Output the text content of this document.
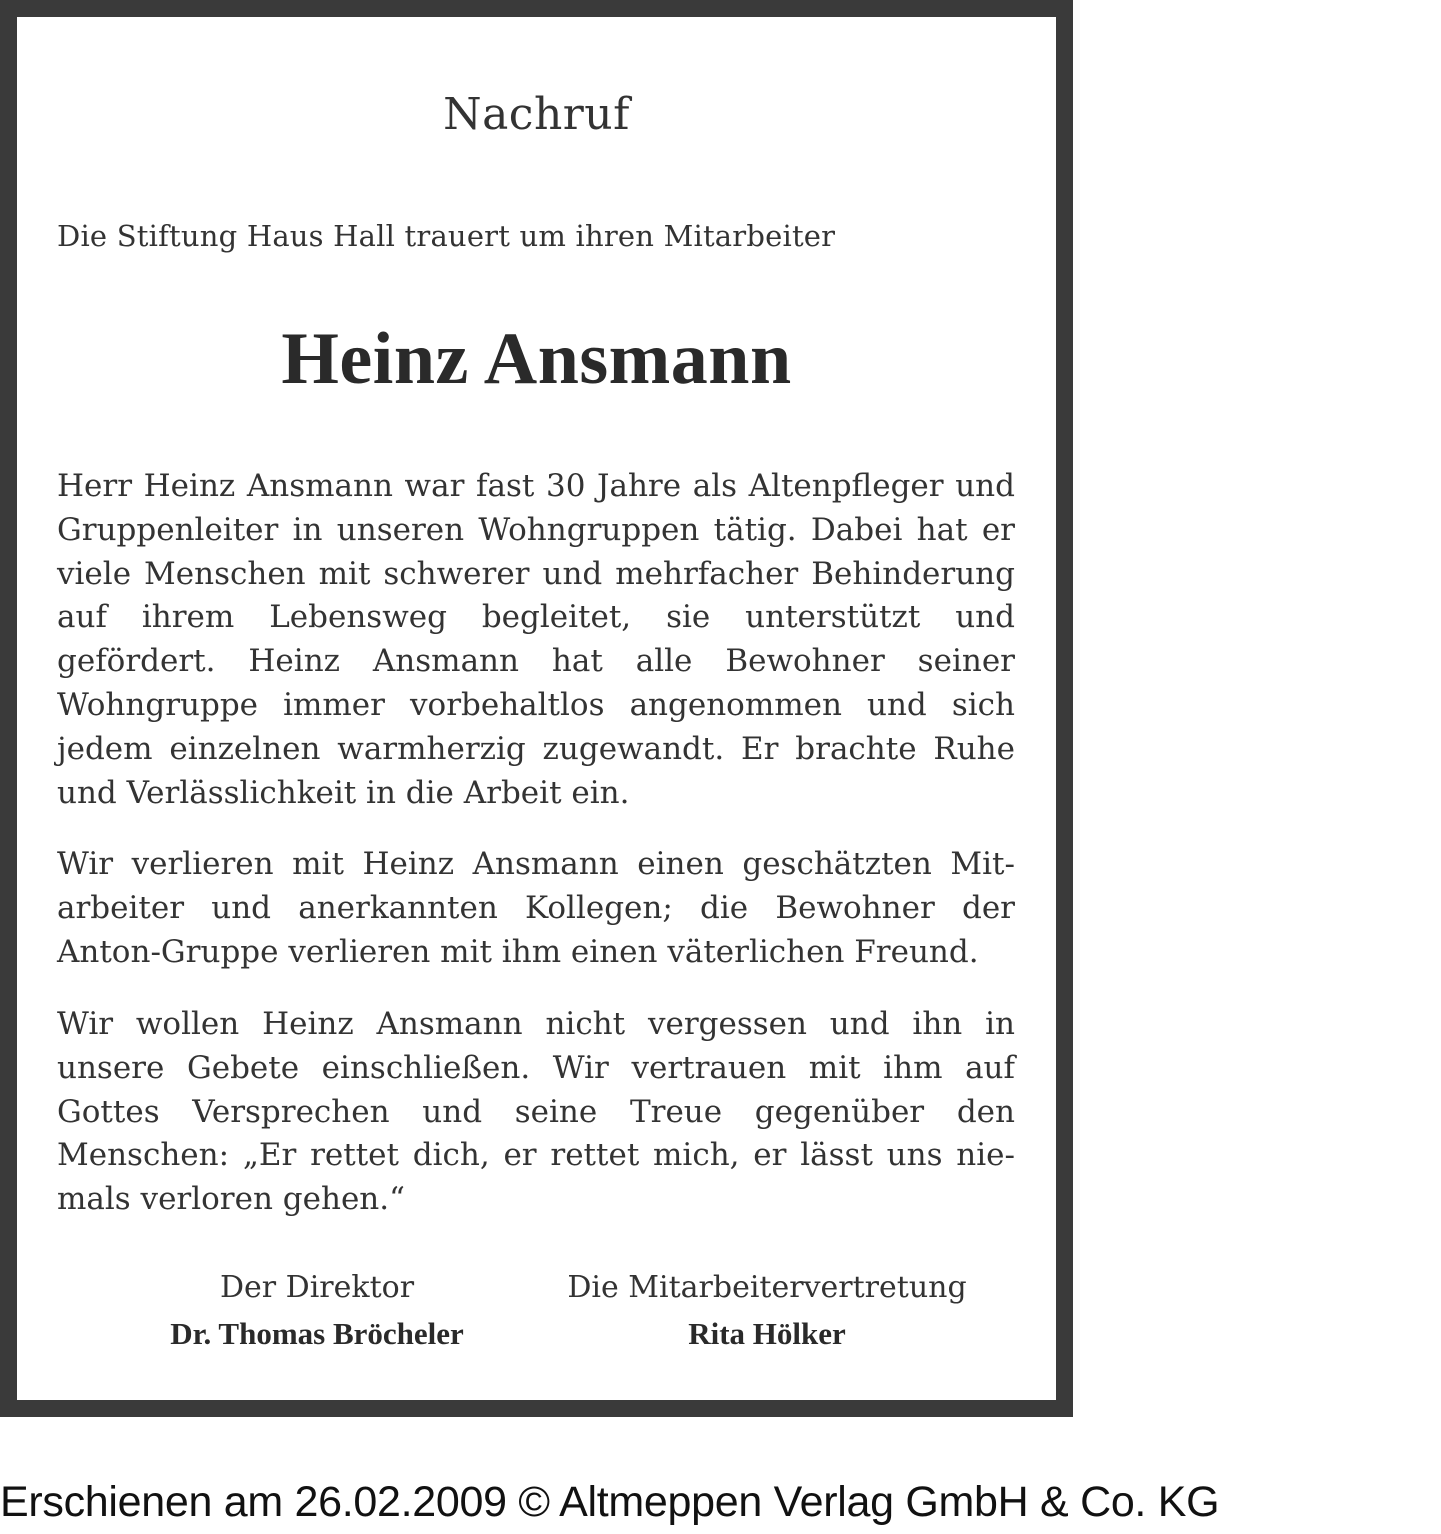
Nachruf

Die Stiftung Haus Hall trauert um ihren Mitarbeiter

Heinz Ansmann

Herr Heinz Ansmann war fast 30 Jahre als Altenpfleger und Gruppenleiter in unseren Wohngruppen tätig. Dabei hat er viele Menschen mit schwerer und mehrfacher Behinderung auf ihrem Lebensweg begleitet, sie unterstützt und gefördert. Heinz Ansmann hat alle Bewohner seiner Wohngruppe immer vorbehaltlos angenommen und sich jedem einzelnen warmherzig zugewandt. Er brachte Ruhe und Verlässlichkeit in die Arbeit ein.

Wir verlieren mit Heinz Ansmann einen geschätzten Mitarbeiter und anerkannten Kollegen; die Bewohner der Anton-Gruppe verlieren mit ihm einen väterlichen Freund.

Wir wollen Heinz Ansmann nicht vergessen und ihn in unsere Gebete einschließen. Wir vertrauen mit ihm auf Gottes Versprechen und seine Treue gegenüber den Menschen: „Er rettet dich, er rettet mich, er lässt uns niemals verloren gehen.“

Der Direktor
Dr. Thomas Bröcheler
Die Mitarbeitervertretung
Rita Hölker

Erschienen am 26.02.2009 © Altmeppen Verlag GmbH & Co. KG
